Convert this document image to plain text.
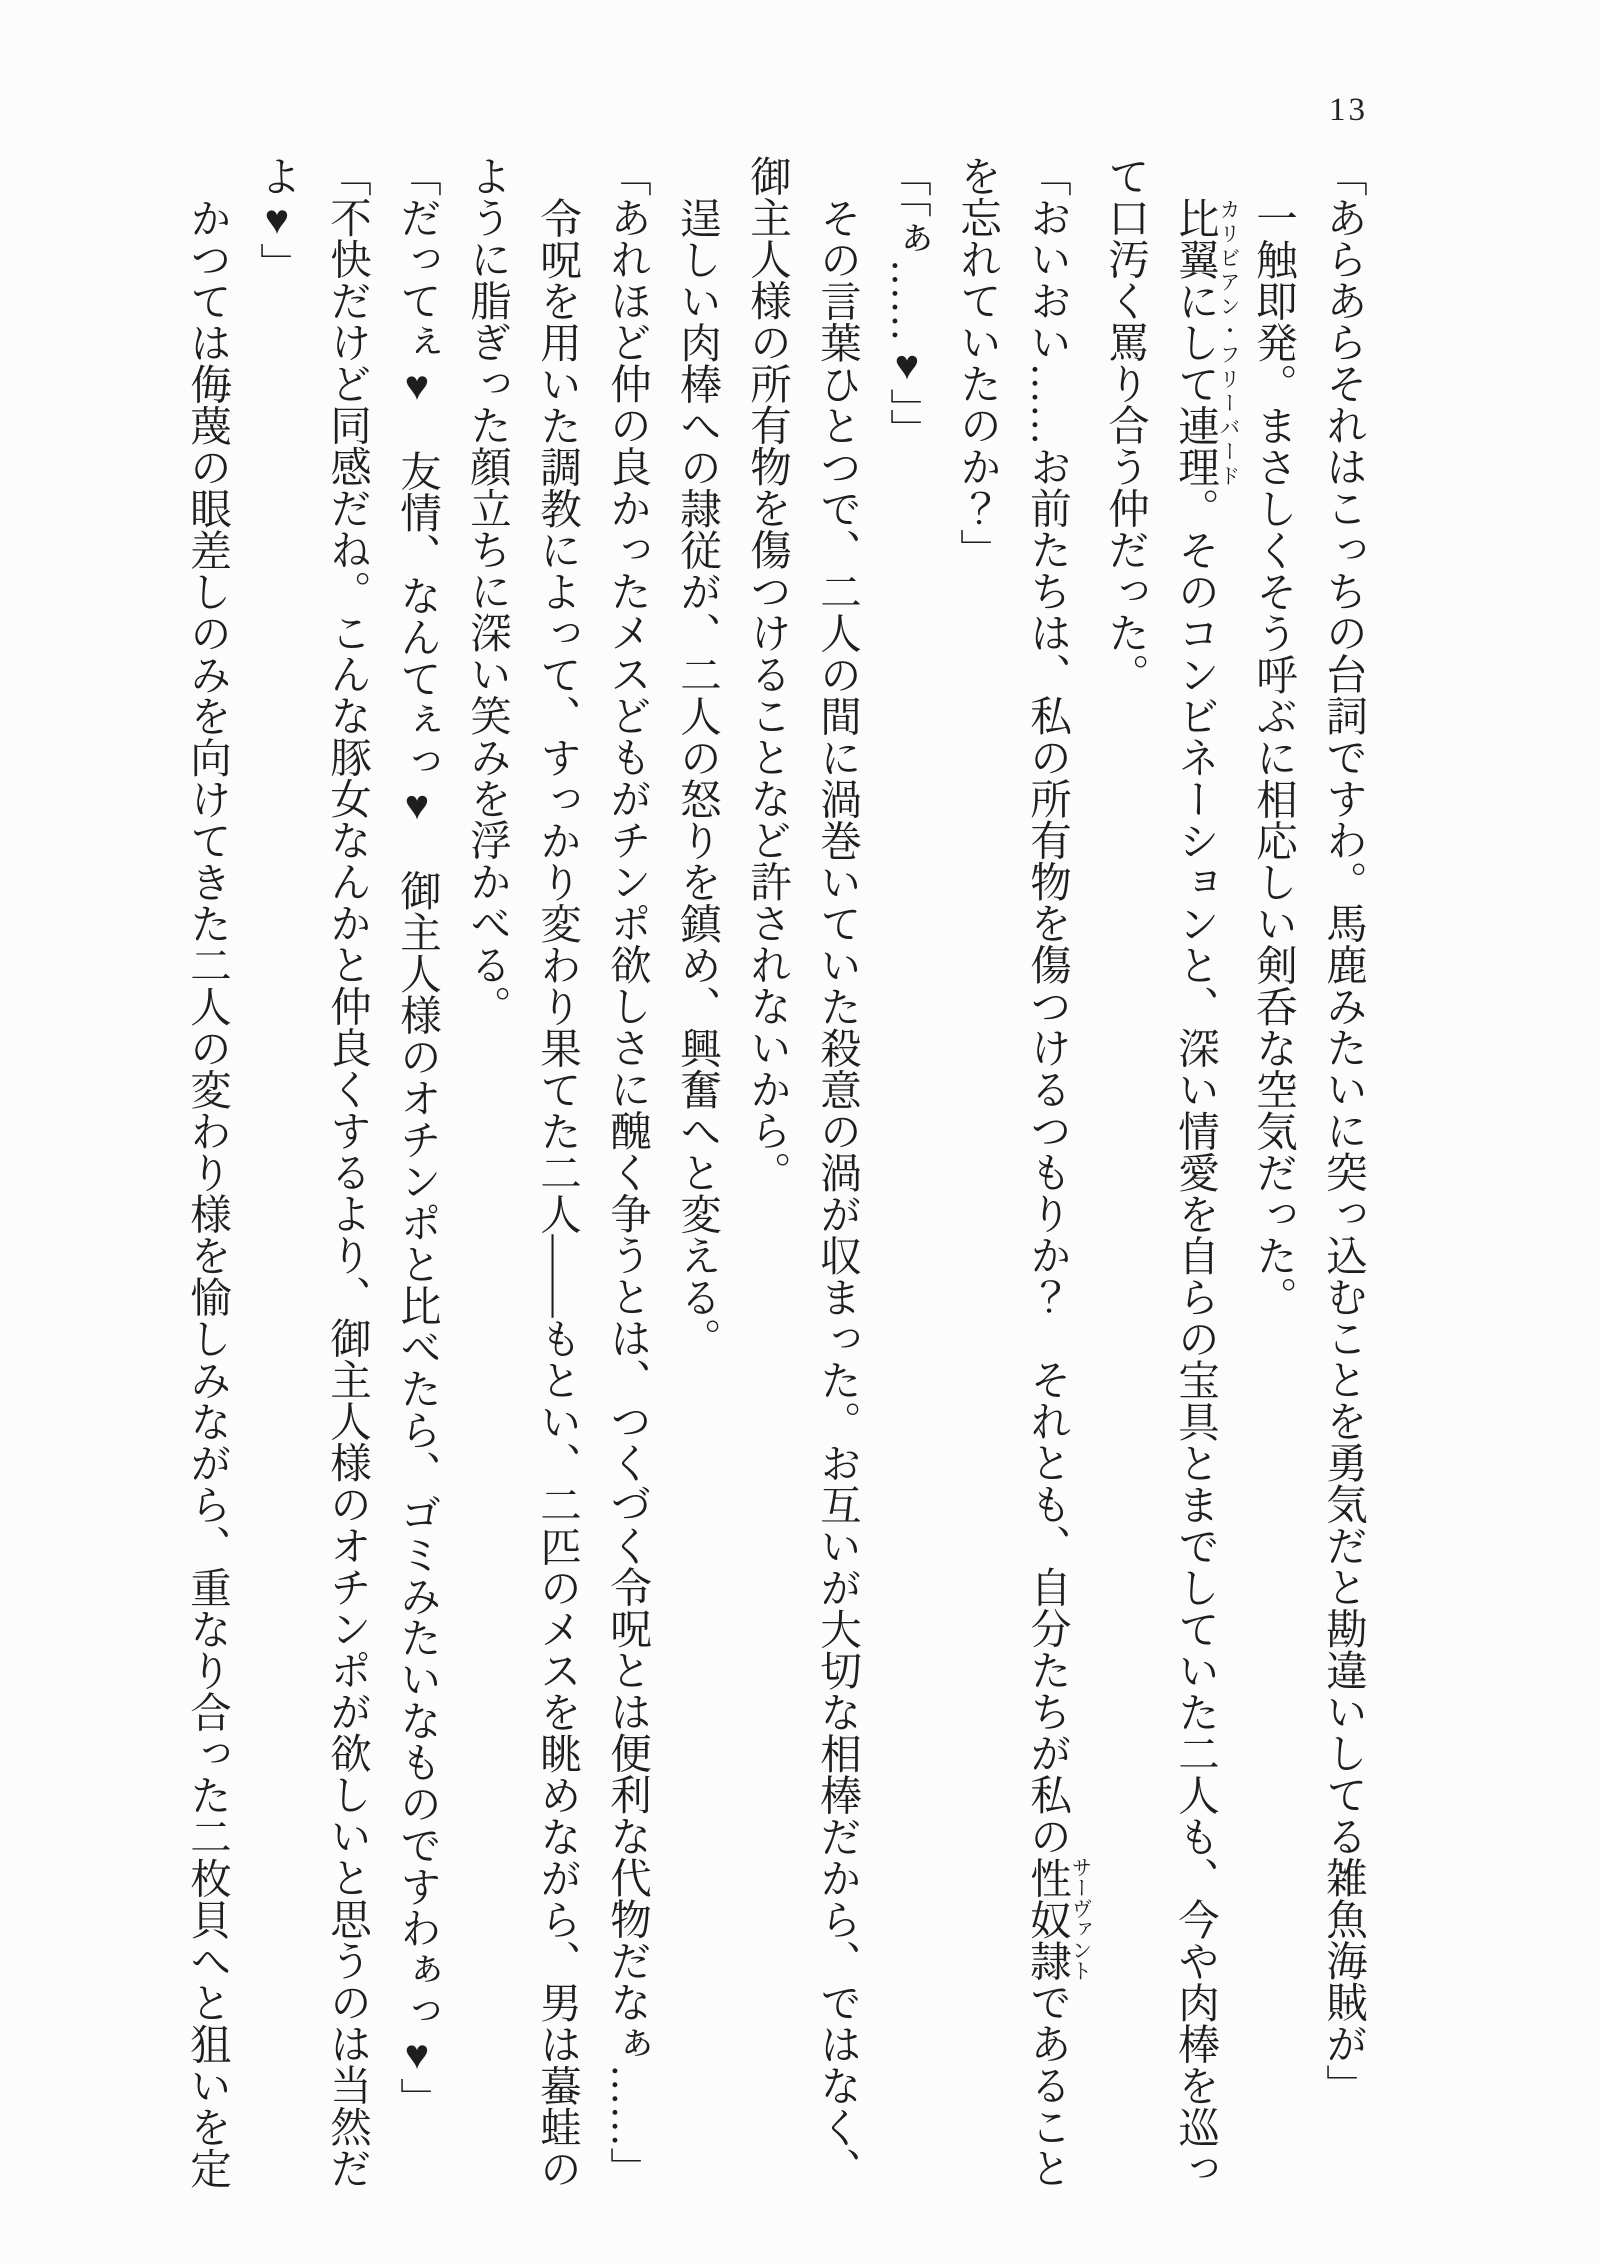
13

「あらあらそれはこっちの台詞ですわ。馬鹿みたいに突っ込むことを勇気だと勘違いしてる雑魚海賊が」

一触即発。まさしくそう呼ぶに相応しい剣呑な空気だった。

比翼にして連理カリビアン・フリーバード。そのコンビネーションと、深い情愛を自らの宝具とまでしていた二人も、今や肉棒を巡って口汚く罵り合う仲だった。

「おいおい……お前たちは、私の所有物を傷つけるつもりか？　それとも、自分たちが私の性奴隷サーヴァントであることを忘れていたのか？」

「「ぁ……♥」」

その言葉ひとつで、二人の間に渦巻いていた殺意の渦が収まった。お互いが大切な相棒だから、ではなく、御主人様の所有物を傷つけることなど許されないから。

逞しい肉棒への隷従が、二人の怒りを鎮め、興奮へと変える。

「あれほど仲の良かったメスどもがチンポ欲しさに醜く争うとは、つくづく令呪とは便利な代物だなぁ……」

令呪を用いた調教によって、すっかり変わり果てた二人——もとい、二匹のメスを眺めながら、男は蟇蛙のように脂ぎった顔立ちに深い笑みを浮かべる。

「だってぇ♥　友情、なんてぇっ♥　御主人様のオチンポと比べたら、ゴミみたいなものですわぁっ♥」

「不快だけど同感だね。こんな豚女なんかと仲良くするより、御主人様のオチンポが欲しいと思うのは当然だよ♥」

かつては侮蔑の眼差しのみを向けてきた二人の変わり様を愉しみながら、重なり合った二枚貝へと狙いを定
